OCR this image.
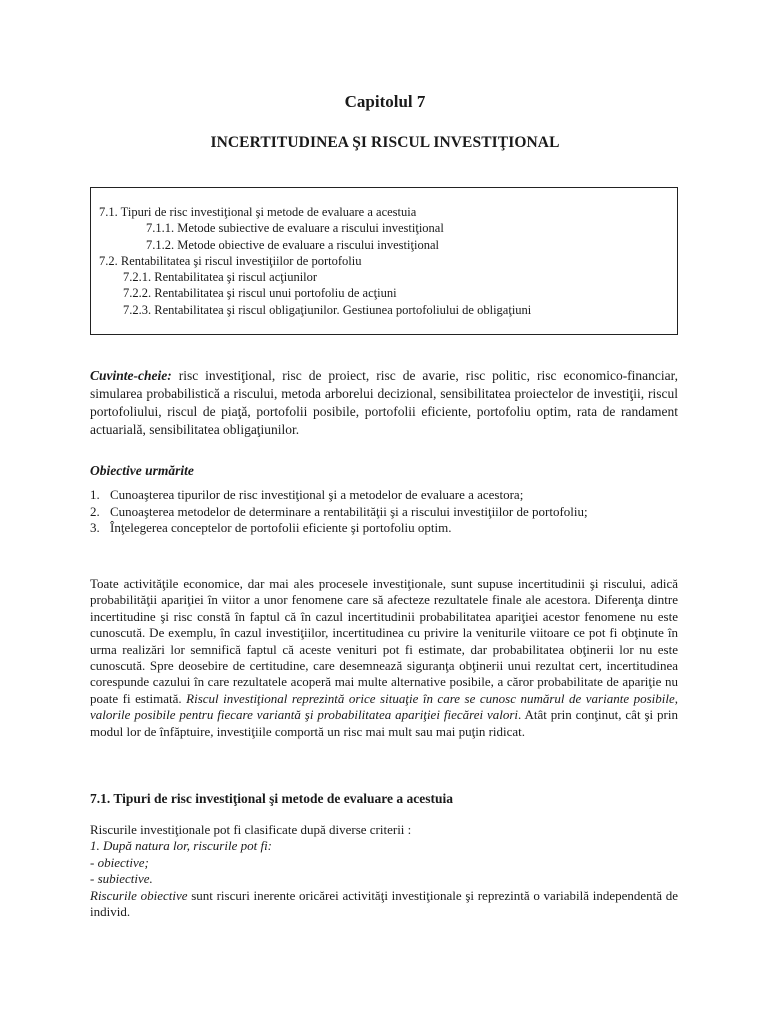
Capitolul 7
INCERTITUDINEA ŞI RISCUL INVESTIŢIONAL
7.1. Tipuri de risc investiţional şi metode de evaluare a acestuia
7.1.1. Metode subiective de evaluare a riscului investiţional
7.1.2. Metode obiective de evaluare a riscului investiţional
7.2. Rentabilitatea şi riscul investiţiilor de portofoliu
7.2.1. Rentabilitatea şi riscul acţiunilor
7.2.2. Rentabilitatea şi riscul unui portofoliu de acţiuni
7.2.3. Rentabilitatea şi riscul obligaţiunilor. Gestiunea portofoliului de obligaţiuni
Cuvinte-cheie: risc investiţional, risc de proiect, risc de avarie, risc politic, risc economico-financiar, simularea probabilistică a riscului, metoda arborelui decizional, sensibilitatea proiectelor de investiţii, riscul portofoliului, riscul de piaţă, portofolii posibile, portofolii eficiente, portofoliu optim, rata de randament actuarială, sensibilitatea obligaţiunilor.
Obiective urmărite
1. Cunoaşterea tipurilor de risc investiţional şi a metodelor de evaluare a acestora;
2. Cunoaşterea metodelor de determinare a rentabilităţii şi a riscului investiţiilor de portofoliu;
3. Înţelegerea conceptelor de portofolii eficiente şi portofoliu optim.
Toate activităţile economice, dar mai ales procesele investiţionale, sunt supuse incertitudinii şi riscului, adică probabilităţii apariţiei în viitor a unor fenomene care să afecteze rezultatele finale ale acestora. Diferenţa dintre incertitudine şi risc constă în faptul că în cazul incertitudinii probabilitatea apariţiei acestor fenomene nu este cunoscută. De exemplu, în cazul investiţiilor, incertitudinea cu privire la veniturile viitoare ce pot fi obţinute în urma realizări lor semnifică faptul că aceste venituri pot fi estimate, dar probabilitatea obţinerii lor nu este cunoscută. Spre deosebire de certitudine, care desemnează siguranţa obţinerii unui rezultat cert, incertitudinea corespunde cazului în care rezultatele acoperă mai multe alternative posibile, a căror probabilitate de apariţie nu poate fi estimată. Riscul investiţional reprezintă orice situaţie în care se cunosc numărul de variante posibile, valorile posibile pentru fiecare variantă şi probabilitatea apariţiei fiecărei valori. Atât prin conţinut, cât şi prin modul lor de înfăptuire, investiţiile comportă un risc mai mult sau mai puţin ridicat.
7.1. Tipuri de risc investiţional şi metode de evaluare a acestuia
Riscurile investiţionale pot fi clasificate după diverse criterii :
1. După natura lor, riscurile pot fi:
- obiective;
- subiective.
Riscurile obiective sunt riscuri inerente oricărei activităţi investiţionale şi reprezintă o variabilă independentă de individ.
